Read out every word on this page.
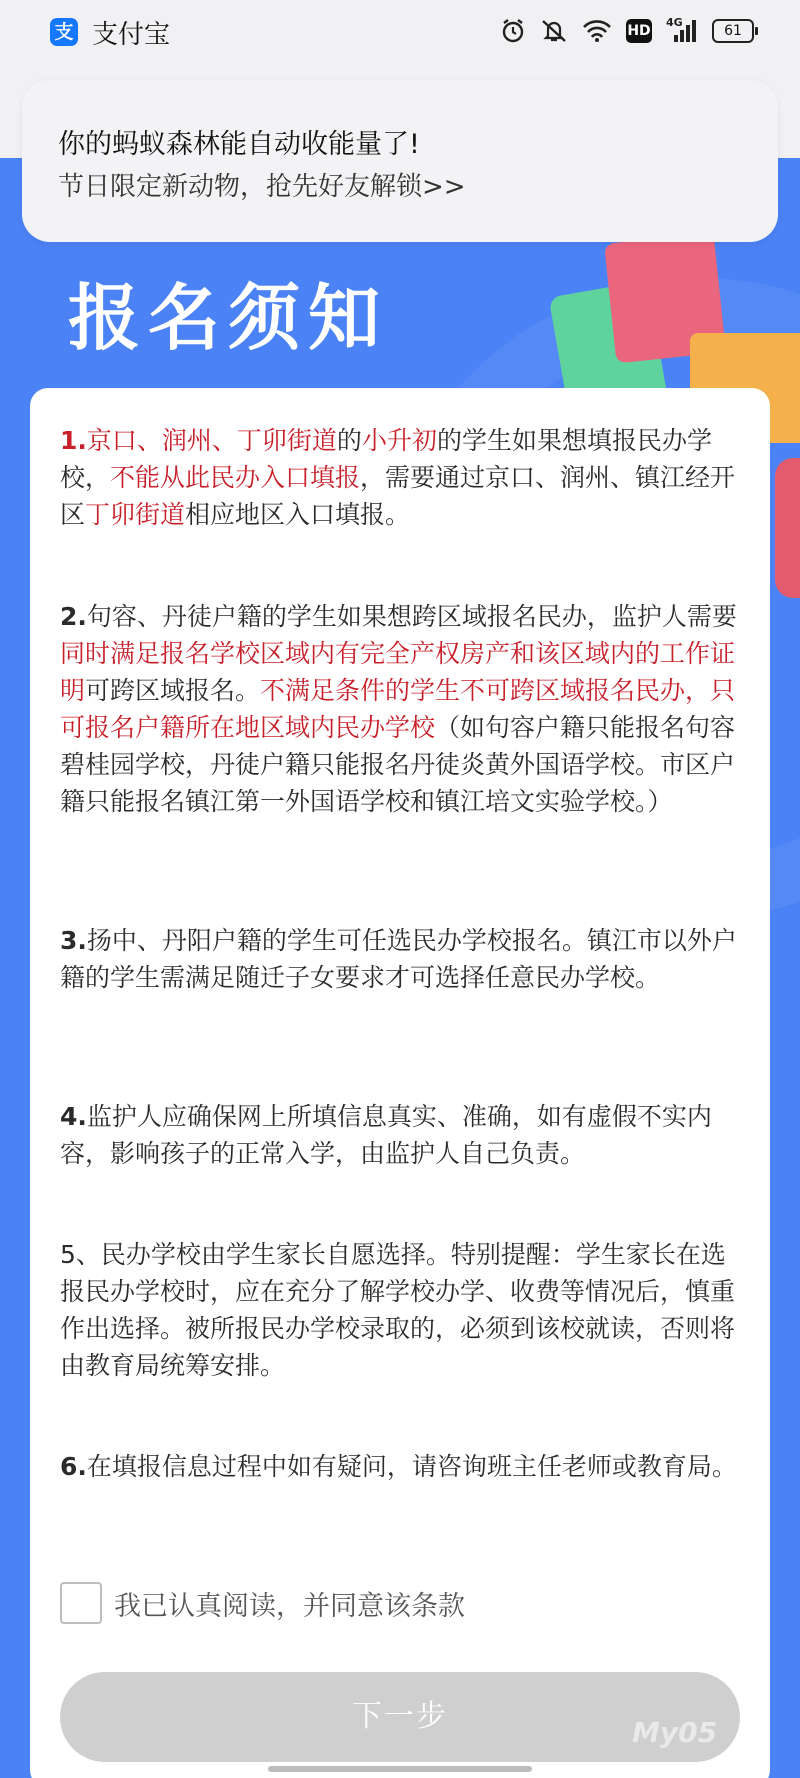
支 支付宝	HD
4G
61
报名须知
你的蚂蚁森林能自动收能量了!
节日限定新动物，抢先好友解锁>>
1.京口、润州、丁卯街道的小升初的学生如果想填报民办学校，不能从此民办入口填报，需要通过京口、润州、镇江经开区丁卯街道相应地区入口填报。
2.句容、丹徒户籍的学生如果想跨区域报名民办，监护人需要同时满足报名学校区域内有完全产权房产和该区域内的工作证明可跨区域报名。不满足条件的学生不可跨区域报名民办，只可报名户籍所在地区域内民办学校（如句容户籍只能报名句容碧桂园学校，丹徒户籍只能报名丹徒炎黄外国语学校。市区户籍只能报名镇江第一外国语学校和镇江培文实验学校。）
3.扬中、丹阳户籍的学生可任选民办学校报名。镇江市以外户籍的学生需满足随迁子女要求才可选择任意民办学校。
4.监护人应确保网上所填信息真实、准确，如有虚假不实内容，影响孩子的正常入学，由监护人自己负责。
5、民办学校由学生家长自愿选择。特别提醒：学生家长在选报民办学校时，应在充分了解学校办学、收费等情况后，慎重作出选择。被所报民办学校录取的，必须到该校就读，否则将由教育局统筹安排。
6.在填报信息过程中如有疑问，请咨询班主任老师或教育局。
我已认真阅读，并同意该条款
下一步	My05
